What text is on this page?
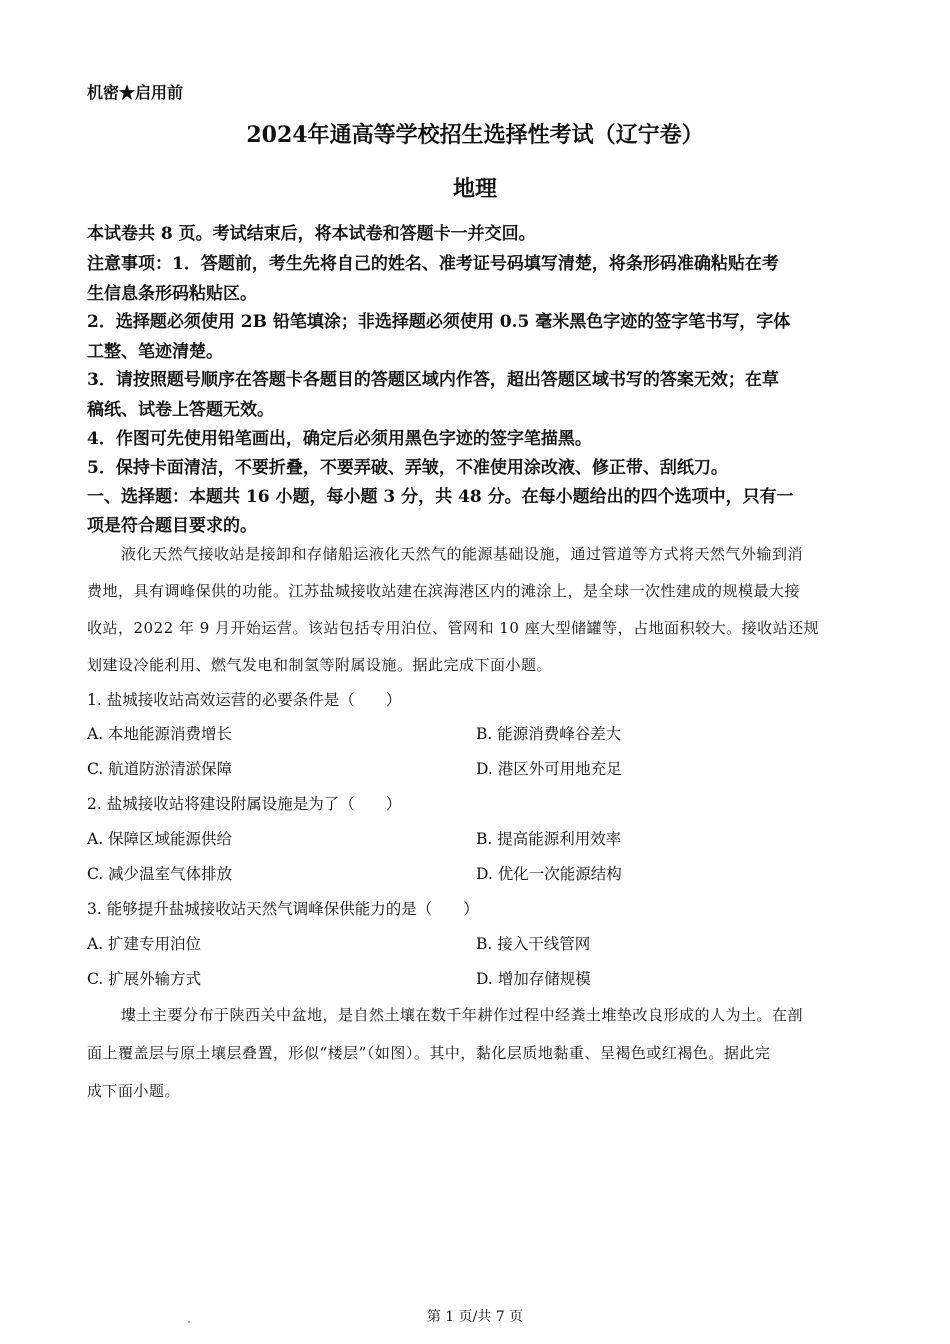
机密★启用前
2024年通高等学校招生选择性考试（辽宁卷）
地理
本试卷共 8 页。考试结束后，将本试卷和答题卡一并交回。
注意事项：1．答题前，考生先将自己的姓名、准考证号码填写清楚，将条形码准确粘贴在考
生信息条形码粘贴区。
2．选择题必须使用 2B 铅笔填涂；非选择题必须使用 0.5 毫米黑色字迹的签字笔书写，字体
工整、笔迹清楚。
3．请按照题号顺序在答题卡各题目的答题区域内作答，超出答题区域书写的答案无效；在草
稿纸、试卷上答题无效。
4．作图可先使用铅笔画出，确定后必须用黑色字迹的签字笔描黑。
5．保持卡面清洁，不要折叠，不要弄破、弄皱，不准使用涂改液、修正带、刮纸刀。
一、选择题：本题共 16 小题，每小题 3 分，共 48 分。在每小题给出的四个选项中，只有一
项是符合题目要求的。
液化天然气接收站是接卸和存储船运液化天然气的能源基础设施，通过管道等方式将天然气外输到消
费地，具有调峰保供的功能。江苏盐城接收站建在滨海港区内的滩涂上，是全球一次性建成的规模最大接
收站，2022 年 9 月开始运营。该站包括专用泊位、管网和 10 座大型储罐等，占地面积较大。接收站还规
划建设冷能利用、燃气发电和制氢等附属设施。据此完成下面小题。
1. 盐城接收站高效运营的必要条件是（　　）
A. 本地能源消费增长	B. 能源消费峰谷差大
C. 航道防淤清淤保障	D. 港区外可用地充足
2. 盐城接收站将建设附属设施是为了（　　）
A. 保障区域能源供给	B. 提高能源利用效率
C. 减少温室气体排放	D. 优化一次能源结构
3. 能够提升盐城接收站天然气调峰保供能力的是（　　）
A. 扩建专用泊位	B. 接入干线管网
C. 扩展外输方式	D. 增加存储规模
塿土主要分布于陕西关中盆地，是自然土壤在数千年耕作过程中经粪土堆垫改良形成的人为土。在剖
面上覆盖层与原土壤层叠置，形似“楼层”（如图）。其中，黏化层质地黏重、呈褐色或红褐色。据此完
成下面小题。
第 1 页/共 7 页
